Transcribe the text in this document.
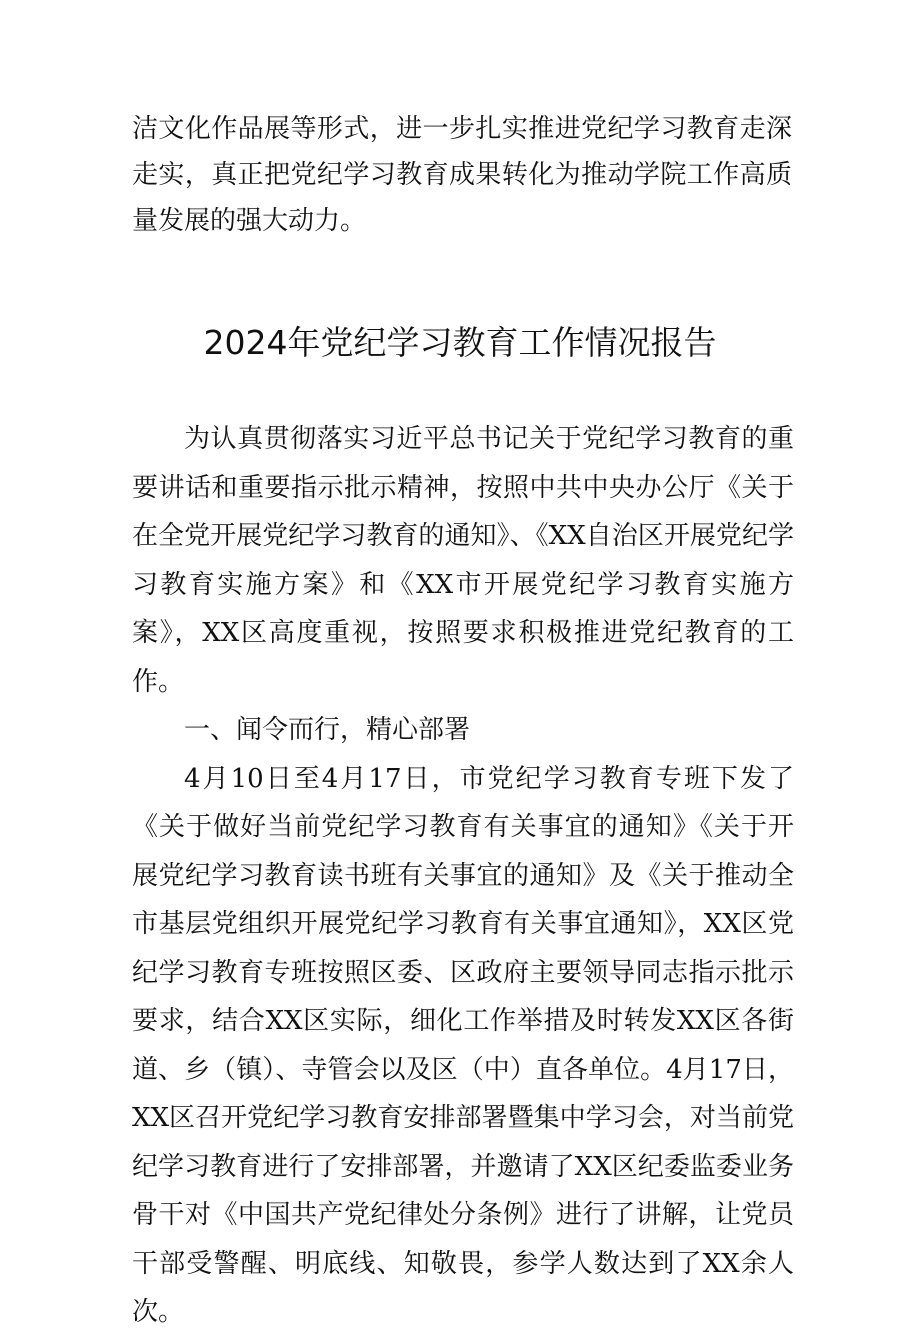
洁文化作品展等形式，进一步扎实推进党纪学习教育走深走实，真正把党纪学习教育成果转化为推动学院工作高质量发展的强大动力。

2024年党纪学习教育工作情况报告

为认真贯彻落实习近平总书记关于党纪学习教育的重要讲话和重要指示批示精神，按照中共中央办公厅《关于在全党开展党纪学习教育的通知》、《XX自治区开展党纪学习教育实施方案》和《XX市开展党纪学习教育实施方案》，XX区高度重视，按照要求积极推进党纪教育的工作。

一、闻令而行，精心部署

4月10日至4月17日，市党纪学习教育专班下发了《关于做好当前党纪学习教育有关事宜的通知》《关于开展党纪学习教育读书班有关事宜的通知》及《关于推动全市基层党组织开展党纪学习教育有关事宜通知》，XX区党纪学习教育专班按照区委、区政府主要领导同志指示批示要求，结合XX区实际，细化工作举措及时转发XX区各街道、乡（镇）、寺管会以及区（中）直各单位。4月17日，XX区召开党纪学习教育安排部署暨集中学习会，对当前党纪学习教育进行了安排部署，并邀请了XX区纪委监委业务骨干对《中国共产党纪律处分条例》进行了讲解，让党员干部受警醒、明底线、知敬畏，参学人数达到了XX余人次。
